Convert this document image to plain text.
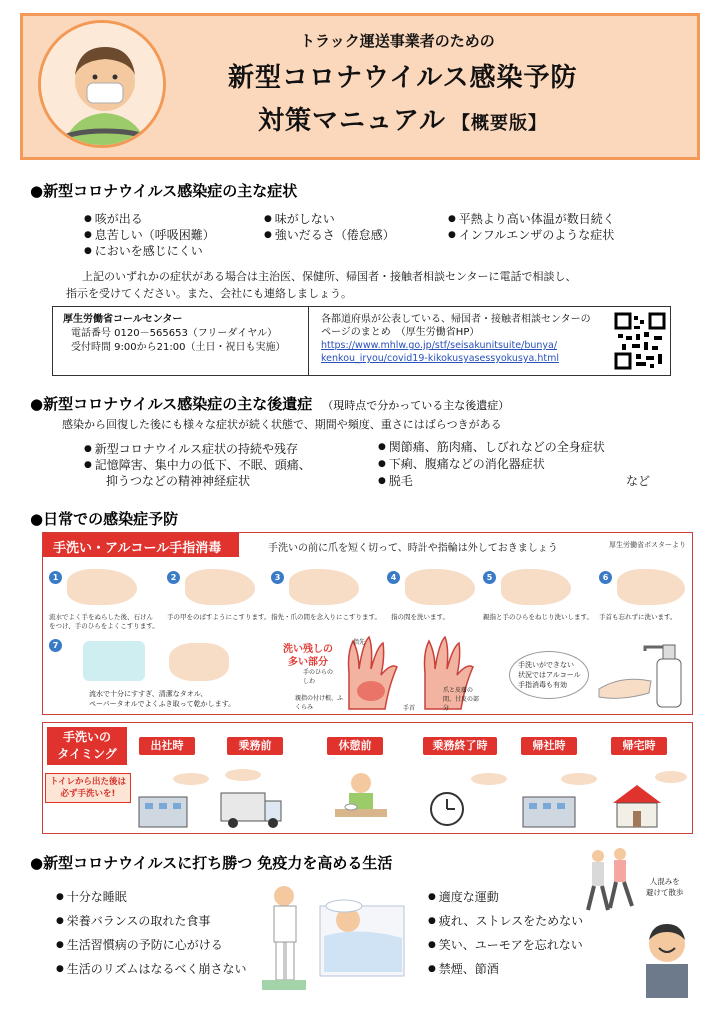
トラック運送事業者のための
新型コロナウイルス感染予防
対策マニュアル 【概要版】
●新型コロナウイルス感染症の主な症状
● 咳が出る
● 息苦しい（呼吸困難）
● においを感じにくい
● 味がしない
● 強いだるさ（倦怠感）
● 平熱より高い体温が数日続く
● インフルエンザのような症状
上記のいずれかの症状がある場合は主治医、保健所、帰国者・接触者相談センターに電話で相談し、
指示を受けてください。また、会社にも連絡しましょう。
厚生労働省コールセンター
電話番号 0120－565653（フリーダイヤル）
受付時間 9:00から21:00（土日・祝日も実施）
各都道府県が公表している、帰国者・接触者相談センターの
ページのまとめ　（厚生労働省HP）
https://www.mhlw.go.jp/stf/seisakunitsuite/bunya/
kenkou_iryou/covid19-kikokusyasessyokusya.html
●新型コロナウイルス感染症の主な後遺症 （現時点で分かっている主な後遺症）
感染から回復した後にも様々な症状が続く状態で、期間や頻度、重さにはばらつきがある
● 新型コロナウイルス症状の持続や残存
● 記憶障害、集中力の低下、不眠、頭痛、
抑うつなどの精神神経症状
● 関節痛、筋肉痛、しびれなどの全身症状
● 下痢、腹痛などの消化器症状
● 脱毛	など
●日常での感染症予防
手洗い・アルコール手指消毒	手洗いの前に爪を短く切って、時計や指輪は外しておきましょう	厚生労働省ポスターより
1
流水でよく手をぬらした後、石けんをつけ、手のひらをよくこすります。
2
手の甲をのばすようにこすります。
3
指先・爪の間を念入りにこすります。
4
指の間を洗います。
5
親指と手のひらをねじり洗いします。
6
手首も忘れずに洗います。
7
流水で十分にすすぎ、清潔なタオル、
ペーパータオルでよくふき取って乾かします。
洗い残しの
多い部分
指先
手のひらのしわ
親指の付け根、ふくらみ	手首
爪と皮膚の間、甘皮の部分
手洗いができない
状況ではアルコール
手指消毒も有効
手洗いの
タイミング
トイレから出た後は
必ず手洗いを!
出社時	乗務前	休憩前	乗務終了時	帰社時	帰宅時
●新型コロナウイルスに打ち勝つ 免疫力を高める生活
● 十分な睡眠
● 栄養バランスの取れた食事
● 生活習慣病の予防に心がける
● 生活のリズムはなるべく崩さない
● 適度な運動
● 疲れ、ストレスをためない
● 笑い、ユーモアを忘れない
● 禁煙、節酒
人混みを
避けて散歩
